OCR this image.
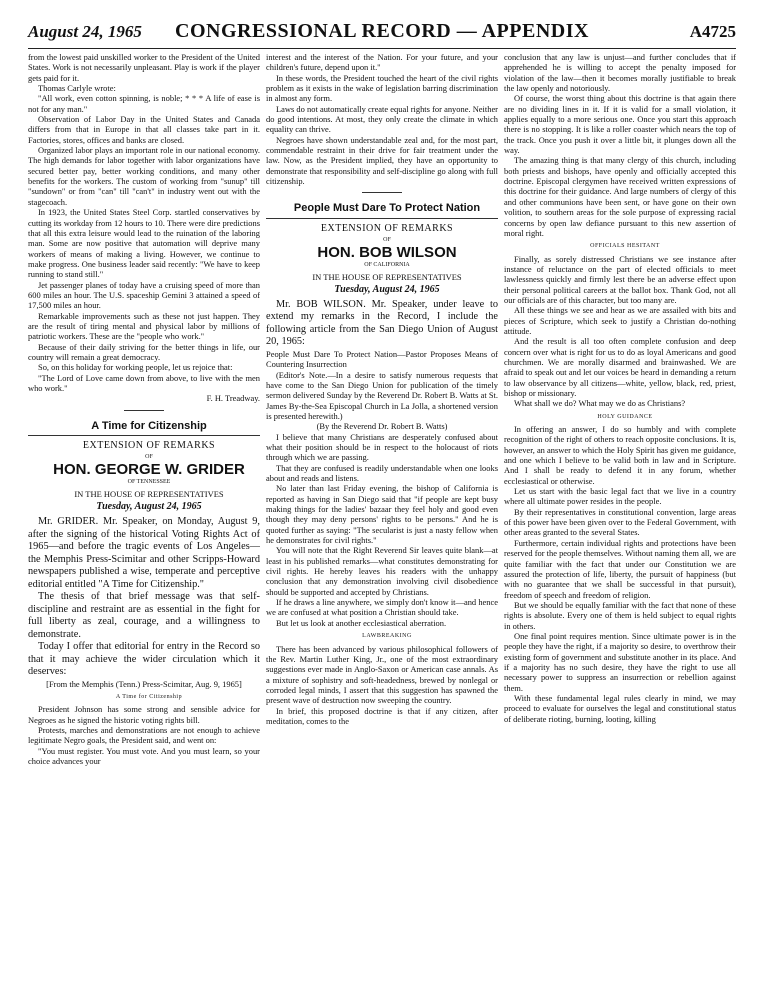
August 24, 1965	CONGRESSIONAL RECORD — APPENDIX	A4725

from the lowest paid unskilled worker to the President of the United States. Work is not necessarily unpleasant. Play is work if the player gets paid for it.

Thomas Carlyle wrote:

"All work, even cotton spinning, is noble; * * * A life of ease is not for any man."

Observation of Labor Day in the United States and Canada differs from that in Europe in that all classes take part in it. Factories, stores, offices and banks are closed.

Organized labor plays an important role in our national economy. The high demands for labor together with labor organizations have secured better pay, better working conditions, and many other benefits for the workers. The custom of working from "sunup" till "sundown" or from "can" till "can't" in industry went out with the stagecoach.

In 1923, the United States Steel Corp. startled conservatives by cutting its workday from 12 hours to 10. There were dire predictions that all this extra leisure would lead to the ruination of the laboring man. Some are now positive that automation will deprive many workers of means of making a living. However, we continue to make progress. One business leader said recently: "We have to keep running to stand still."

Jet passenger planes of today have a cruising speed of more than 600 miles an hour. The U.S. spaceship Gemini 3 attained a speed of 17,500 miles an hour.

Remarkable improvements such as these not just happen. They are the result of tiring mental and physical labor by millions of patriotic workers. These are the "people who work."

Because of their daily striving for the better things in life, our country will remain a great democracy.

So, on this holiday for working people, let us rejoice that:

"The Lord of Love came down from above, to live with the men who work."

F. H. Treadway.

A Time for Citizenship

EXTENSION OF REMARKS

OF

HON. GEORGE W. GRIDER

OF TENNESSEE

IN THE HOUSE OF REPRESENTATIVES

Tuesday, August 24, 1965

Mr. GRIDER. Mr. Speaker, on Monday, August 9, after the signing of the historical Voting Rights Act of 1965—and before the tragic events of Los Angeles—the Memphis Press-Scimitar and other Scripps-Howard newspapers published a wise, temperate and perceptive editorial entitled "A Time for Citizenship."

The thesis of that brief message was that self-discipline and restraint are as essential in the fight for full liberty as zeal, courage, and a willingness to demonstrate.

Today I offer that editorial for entry in the Record so that it may achieve the wider circulation which it deserves:

[From the Memphis (Tenn.) Press-Scimitar, Aug. 9, 1965]

A Time for Citizenship

President Johnson has some strong and sensible advice for Negroes as he signed the historic voting rights bill.

Protests, marches and demonstrations are not enough to achieve legitimate Negro goals, the President said, and went on:

"You must register. You must vote. And you must learn, so your choice advances your

interest and the interest of the Nation. For your future, and your children's future, depend upon it."

In these words, the President touched the heart of the civil rights problem as it exists in the wake of legislation barring discrimination in almost any form.

Laws do not automatically create equal rights for anyone. Neither do good intentions. At most, they only create the climate in which equality can thrive.

Negroes have shown understandable zeal and, for the most part, commendable restraint in their drive for fair treatment under the law. Now, as the President implied, they have an opportunity to demonstrate that responsibility and self-discipline go along with full citizenship.

People Must Dare To Protect Nation

EXTENSION OF REMARKS

OF

HON. BOB WILSON

OF CALIFORNIA

IN THE HOUSE OF REPRESENTATIVES

Tuesday, August 24, 1965

Mr. BOB WILSON. Mr. Speaker, under leave to extend my remarks in the Record, I include the following article from the San Diego Union of August 20, 1965:

People Must Dare To Protect Nation—Pastor Proposes Means of Countering Insurrection

(Editor's Note.—In a desire to satisfy numerous requests that have come to the San Diego Union for publication of the timely sermon delivered Sunday by the Reverend Dr. Robert B. Watts at St. James By-the-Sea Episcopal Church in La Jolla, a shortened version is presented herewith.)

(By the Reverend Dr. Robert B. Watts)

I believe that many Christians are desperately confused about what their position should be in respect to the holocaust of riots through which we are passing.

That they are confused is readily understandable when one looks about and reads and listens.

No later than last Friday evening, the bishop of California is reported as having in San Diego said that "if people are kept busy making things for the ladies' bazaar they feel holy and good even though they may deny persons' rights to be persons." And he is quoted further as saying: "The secularist is just a nasty fellow when he demonstrates for civil rights."

You will note that the Right Reverend Sir leaves quite blank—at least in his published remarks—what constitutes demonstrating for civil rights. He hereby leaves his readers with the unhappy conclusion that any demonstration involving civil disobedience should be supported and accepted by Christians.

If he draws a line anywhere, we simply don't know it—and hence we are confused at what position a Christian should take.

But let us look at another ecclesiastical aberration.

LAWBREAKING

There has been advanced by various philosophical followers of the Rev. Martin Luther King, Jr., one of the most extraordinary suggestions ever made in Anglo-Saxon or American case annals. As a mixture of sophistry and soft-headedness, brewed by nonlegal or corroded legal minds, I assert that this suggestion has spawned the present wave of destruction now sweeping the country.

In brief, this proposed doctrine is that if any citizen, after meditation, comes to the

conclusion that any law is unjust—and further concludes that if apprehended he is willing to accept the penalty imposed for violation of the law—then it becomes morally justifiable to break the law openly and notoriously.

Of course, the worst thing about this doctrine is that again there are no dividing lines in it. If it is valid for a small violation, it applies equally to a more serious one. Once you start this approach there is no stopping. It is like a roller coaster which nears the top of the track. Once you push it over a little bit, it plunges down all the way.

The amazing thing is that many clergy of this church, including both priests and bishops, have openly and officially accepted this doctrine. Episcopal clergymen have received written expressions of this doctrine for their guidance. And large numbers of clergy of this and other communions have been sent, or have gone on their own volition, to southern areas for the sole purpose of expressing racial concerns by open law defiance pursuant to this new assertion of moral right.

OFFICIALS HESITANT

Finally, as sorely distressed Christians we see instance after instance of reluctance on the part of elected officials to meet lawlessness quickly and firmly lest there be an adverse effect upon their personal political careers at the ballot box. Thank God, not all our officials are of this character, but too many are.

All these things we see and hear as we are assailed with bits and pieces of Scripture, which seek to justify a Christian do-nothing attitude.

And the result is all too often complete confusion and deep concern over what is right for us to do as loyal Americans and good churchmen. We are morally disarmed and brainwashed. We are afraid to speak out and let our voices be heard in demanding a return to law observance by all citizens—white, yellow, black, red, priest, bishop or missionary.

What shall we do? What may we do as Christians?

HOLY GUIDANCE

In offering an answer, I do so humbly and with complete recognition of the right of others to reach opposite conclusions. It is, however, an answer to which the Holy Spirit has given me guidance, and one which I believe to be valid both in law and in Scripture. And I shall be ready to defend it in any forum, whether ecclesiastical or otherwise.

Let us start with the basic legal fact that we live in a country where all ultimate power resides in the people.

By their representatives in constitutional convention, large areas of this power have been given over to the Federal Government, with other areas granted to the several States.

Furthermore, certain individual rights and protections have been reserved for the people themselves. Without naming them all, we are quite familiar with the fact that under our Constitution we are assured the protection of life, liberty, the pursuit of happiness (but with no guarantee that we shall be successful in that pursuit), freedom of speech and freedom of religion.

But we should be equally familiar with the fact that none of these rights is absolute. Every one of them is held subject to equal rights in others.

One final point requires mention. Since ultimate power is in the people they have the right, if a majority so desire, to overthrow their existing form of government and substitute another in its place. And if a majority has no such desire, they have the right to use all necessary power to suppress an insurrection or rebellion against them.

With these fundamental legal rules clearly in mind, we may proceed to evaluate for ourselves the legal and constitutional status of deliberate rioting, burning, looting, killing
